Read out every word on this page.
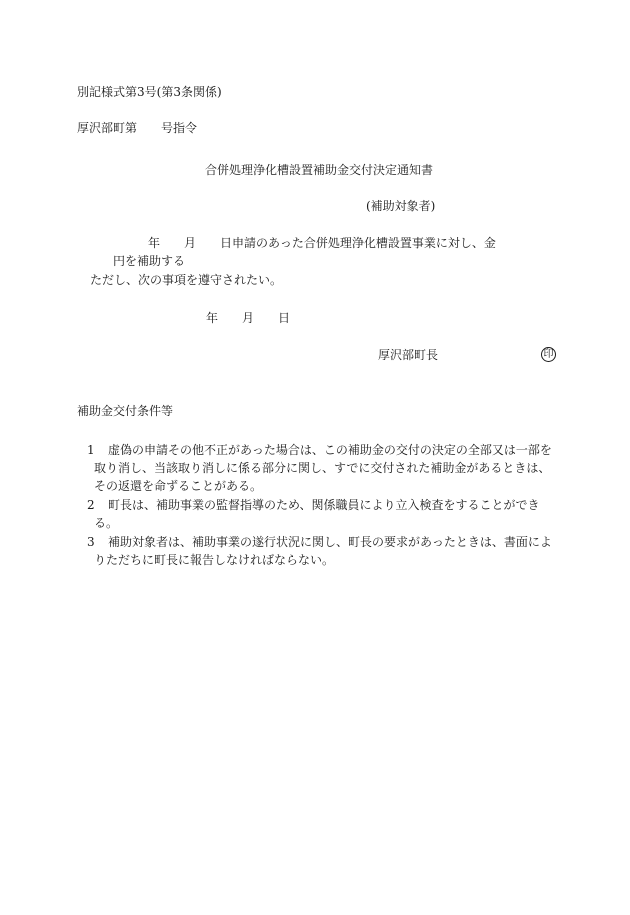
別記様式第3号(第3条関係)
厚沢部町第　　号指令
合併処理浄化槽設置補助金交付決定通知書
(補助対象者)
年　　月　　日申請のあった合併処理浄化槽設置事業に対し、金
円を補助する
ただし、次の事項を遵守されたい。
年　　月　　日
厚沢部町長	印
補助金交付条件等
1	虚偽の申請その他不正があった場合は、この補助金の交付の決定の全部又は一部を
取り消し、当該取り消しに係る部分に関し、すでに交付された補助金があるときは、
その返還を命ずることがある。
2	町長は、補助事業の監督指導のため、関係職員により立入検査をすることができ
る。
3	補助対象者は、補助事業の遂行状況に関し、町長の要求があったときは、書面によ
りただちに町長に報告しなければならない。
